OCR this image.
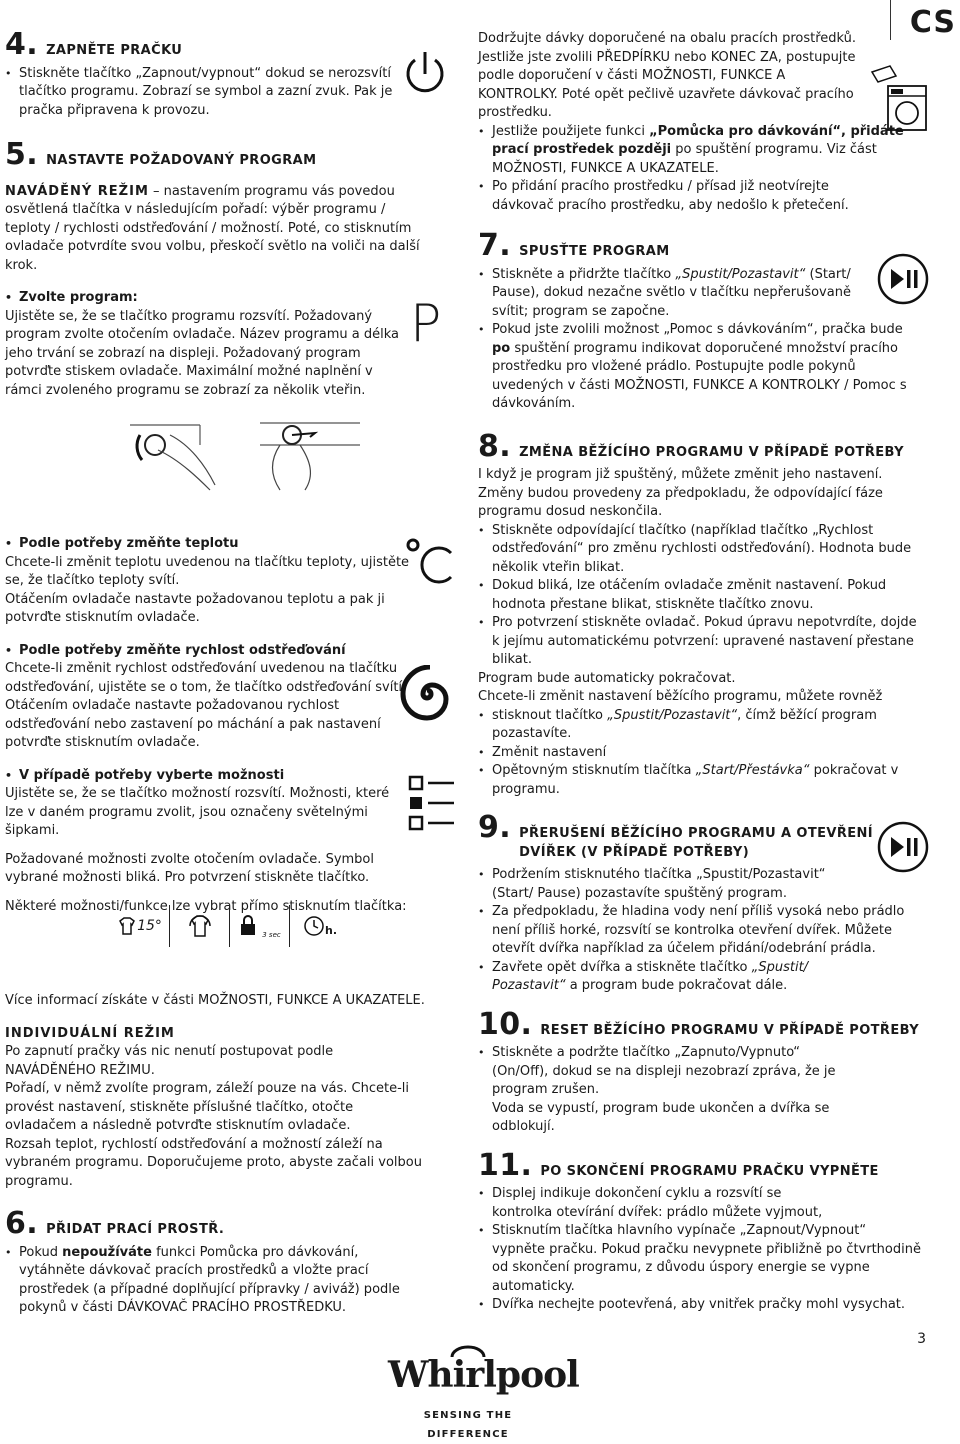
CS
4. ZAPNĚTE PRAČKU
• Stiskněte tlačítko „Zapnout/vypnout“ dokud se nerozsvítí tlačítko programu. Zobrazí se symbol a zazní zvuk. Pak je pračka připravena k provozu.
5. NASTAVTE POŽADOVANÝ PROGRAM

NAVÁDĚNÝ REŽIM – nastavením programu vás povedou osvětlená tlačítka v následujícím pořadí: výběr programu / teploty / rychlosti odstřeďování / možností. Poté, co stisknutím ovladače potvrdíte svou volbu, přeskočí světlo na voliči na další krok.

• Zvolte program:

Ujistěte se, že se tlačítko programu rozsvítí. Požadovaný program zvolte otočením ovladače. Název programu a délka jeho trvání se zobrazí na displeji. Požadovaný program potvrďte stiskem ovladače. Maximální možné naplnění v rámci zvoleného programu se zobrazí za několik vteřin.

• Podle potřeby změňte teplotu

Chcete-li změnit teplotu uvedenou na tlačítku teploty, ujistěte se, že tlačítko teploty svítí.

Otáčením ovladače nastavte požadovanou teplotu a pak ji potvrďte stisknutím ovladače.

• Podle potřeby změňte rychlost odstřeďování

Chcete-li změnit rychlost odstřeďování uvedenou na tlačítku odstřeďování, ujistěte se o tom, že tlačítko odstřeďování svítí.

Otáčením ovladače nastavte požadovanou rychlost odstřeďování nebo zastavení po máchání a pak nastavení potvrďte stisknutím ovladače.

• V případě potřeby vyberte možnosti

Ujistěte se, že se tlačítko možností rozsvítí. Možnosti, které lze v daném programu zvolit, jsou označeny světelnými šipkami.

Požadované možnosti zvolte otočením ovladače. Symbol vybrané možnosti bliká. Pro potvrzení stiskněte tlačítko.

Některé možnosti/funkce lze vybrat přímo stisknutím tlačítka:

Více informací získáte v části MOŽNOSTI, FUNKCE A UKAZATELE.

INDIVIDUÁLNÍ REŽIM

Po zapnutí pračky vás nic nenutí postupovat podle NAVÁDĚNÉHO REŽIMU.

Pořadí, v němž zvolíte program, záleží pouze na vás. Chcete-li provést nastavení, stiskněte příslušné tlačítko, otočte ovladačem a následně potvrďte stisknutím ovladače.

Rozsah teplot, rychlostí odstřeďování a možností záleží na vybraném programu. Doporučujeme proto, abyste začali volbou programu.

6. PŘIDAT PRACÍ PROSTŘ.
• Pokud nepoužíváte funkci Pomůcka pro dávkování, vytáhněte dávkovač pracích prostředků a vložte prací prostředek (a případné doplňující přípravky / aviváž) podle pokynů v části DÁVKOVAČ PRACÍHO PROSTŘEDKU.
P
15°
3 sec	h.

Dodržujte dávky doporučené na obalu pracích prostředků.

Jestliže jste zvolili PŘEDPÍRKU nebo KONEC ZA, postupujte podle doporučení v části MOŽNOSTI, FUNKCE A KONTROLKY. Poté opět pečlivě uzavřete dávkovač pracího prostředku.

• Jestliže použijete funkci „Pomůcka pro dávkování“, přidáte prací prostředek později po spuštění programu. Viz část MOŽNOSTI, FUNKCE A UKAZATELE.
• Po přidání pracího prostředku / přísad již neotvírejte dávkovač pracího prostředku, aby nedošlo k přetečení.
7. SPUSŤTE PROGRAM
• Stiskněte a přidržte tlačítko „Spustit/Pozastavit“ (Start/ Pause), dokud nezačne světlo v tlačítku nepřerušovaně svítit; program se započne.
• Pokud jste zvolili možnost „Pomoc s dávkováním“, pračka bude po spuštění programu indikovat doporučené množství pracího prostředku pro vložené prádlo. Postupujte podle pokynů uvedených v části MOŽNOSTI, FUNKCE A KONTROLKY / Pomoc s dávkováním.
8. ZMĚNA BĚŽÍCÍHO PROGRAMU V PŘÍPADĚ POTŘEBY

I když je program již spuštěný, můžete změnit jeho nastavení. Změny budou provedeny za předpokladu, že odpovídající fáze programu dosud neskončila.

• Stiskněte odpovídající tlačítko (například tlačítko „Rychlost odstřeďování“ pro změnu rychlosti odstřeďování). Hodnota bude několik vteřin blikat.
• Dokud bliká, lze otáčením ovladače změnit nastavení. Pokud hodnota přestane blikat, stiskněte tlačítko znovu.
• Pro potvrzení stiskněte ovladač. Pokud úpravu nepotvrdíte, dojde k jejímu automatickému potvrzení: upravené nastavení přestane blikat.

Program bude automaticky pokračovat.

Chcete-li změnit nastavení běžícího programu, můžete rovněž

• stisknout tlačítko „Spustit/Pozastavit“, čímž běžící program pozastavíte.
• Změnit nastavení
• Opětovným stisknutím tlačítka „Start/Přestávka“ pokračovat v programu.
9. PŘERUŠENÍ BĚŽÍCÍHO PROGRAMU A OTEVŘENÍ DVÍŘEK (V PŘÍPADĚ POTŘEBY)
• Podržením stisknutého tlačítka „Spustit/Pozastavit“ (Start/ Pause) pozastavíte spuštěný program.
• Za předpokladu, že hladina vody není příliš vysoká nebo prádlo není příliš horké, rozsvítí se kontrolka otevření dvířek. Můžete otevřít dvířka například za účelem přidání/odebrání prádla.
• Zavřete opět dvířka a stiskněte tlačítko „Spustit/ Pozastavit“ a program bude pokračovat dále.
10. RESET BĚŽÍCÍHO PROGRAMU V PŘÍPADĚ POTŘEBY
• Stiskněte a podržte tlačítko „Zapnuto/Vypnuto“ (On/Off), dokud se na displeji nezobrazí zpráva, že je program zrušen.
Voda se vypustí, program bude ukončen a dvířka se odblokují.
11. PO SKONČENÍ PROGRAMU PRAČKU VYPNĚTE
• Displej indikuje dokončení cyklu a rozsvítí se kontrolka otevírání dvířek: prádlo můžete vyjmout,
• Stisknutím tlačítka hlavního vypínače „Zapnout/Vypnout“ vypněte pračku. Pokud pračku nevypnete přibližně po čtvrthodině od skončení programu, z důvodu úspory energie se vypne automaticky.
• Dvířka nechejte pootevřená, aby vnitřek pračky mohl vysychat.
3
Whirlpool
SENSING THE DIFFERENCE
